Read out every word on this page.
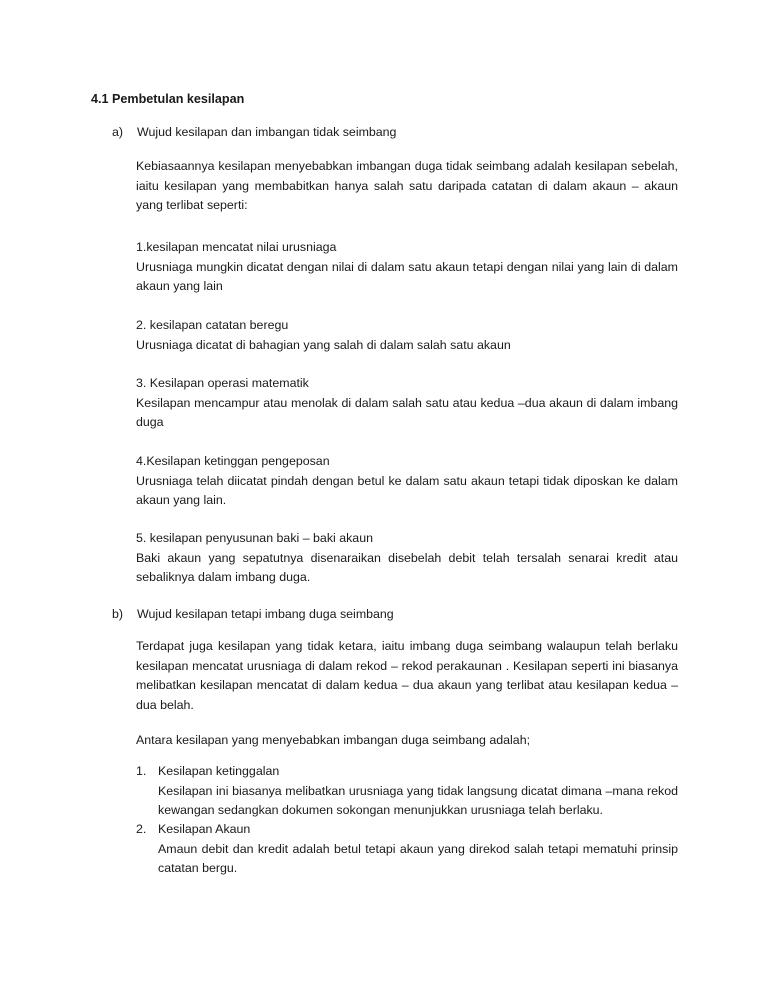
4.1 Pembetulan kesilapan
a) Wujud kesilapan dan imbangan tidak seimbang

Kebiasaannya kesilapan menyebabkan imbangan duga tidak seimbang adalah kesilapan sebelah, iaitu kesilapan yang membabitkan hanya salah satu daripada catatan di dalam akaun – akaun yang terlibat seperti:

1.kesilapan mencatat nilai urusniaga

Urusniaga mungkin dicatat dengan nilai di dalam satu akaun tetapi dengan nilai yang lain di dalam akaun yang lain

2. kesilapan catatan beregu

Urusniaga dicatat di bahagian yang salah di dalam salah satu akaun

3. Kesilapan operasi matematik

Kesilapan mencampur atau menolak di dalam salah satu atau kedua –dua akaun di dalam imbang duga

4.Kesilapan ketinggan pengeposan

Urusniaga telah diicatat pindah dengan betul ke dalam satu akaun tetapi tidak diposkan ke dalam akaun yang lain.

5. kesilapan penyusunan baki – baki akaun

Baki akaun yang sepatutnya disenaraikan disebelah debit telah tersalah senarai kredit atau sebaliknya dalam imbang duga.

b) Wujud kesilapan tetapi imbang duga seimbang

Terdapat juga kesilapan yang tidak ketara, iaitu imbang duga seimbang walaupun telah berlaku kesilapan mencatat urusniaga di dalam rekod – rekod perakaunan . Kesilapan seperti ini biasanya melibatkan kesilapan mencatat di dalam kedua – dua akaun yang terlibat atau kesilapan kedua – dua belah.

Antara kesilapan yang menyebabkan imbangan duga seimbang adalah;

1. Kesilapan ketinggalan

Kesilapan ini biasanya melibatkan urusniaga yang tidak langsung dicatat dimana –mana rekod kewangan sedangkan dokumen sokongan menunjukkan urusniaga telah berlaku.

2. Kesilapan Akaun

Amaun debit dan kredit adalah betul tetapi akaun yang direkod salah tetapi mematuhi prinsip catatan bergu.
